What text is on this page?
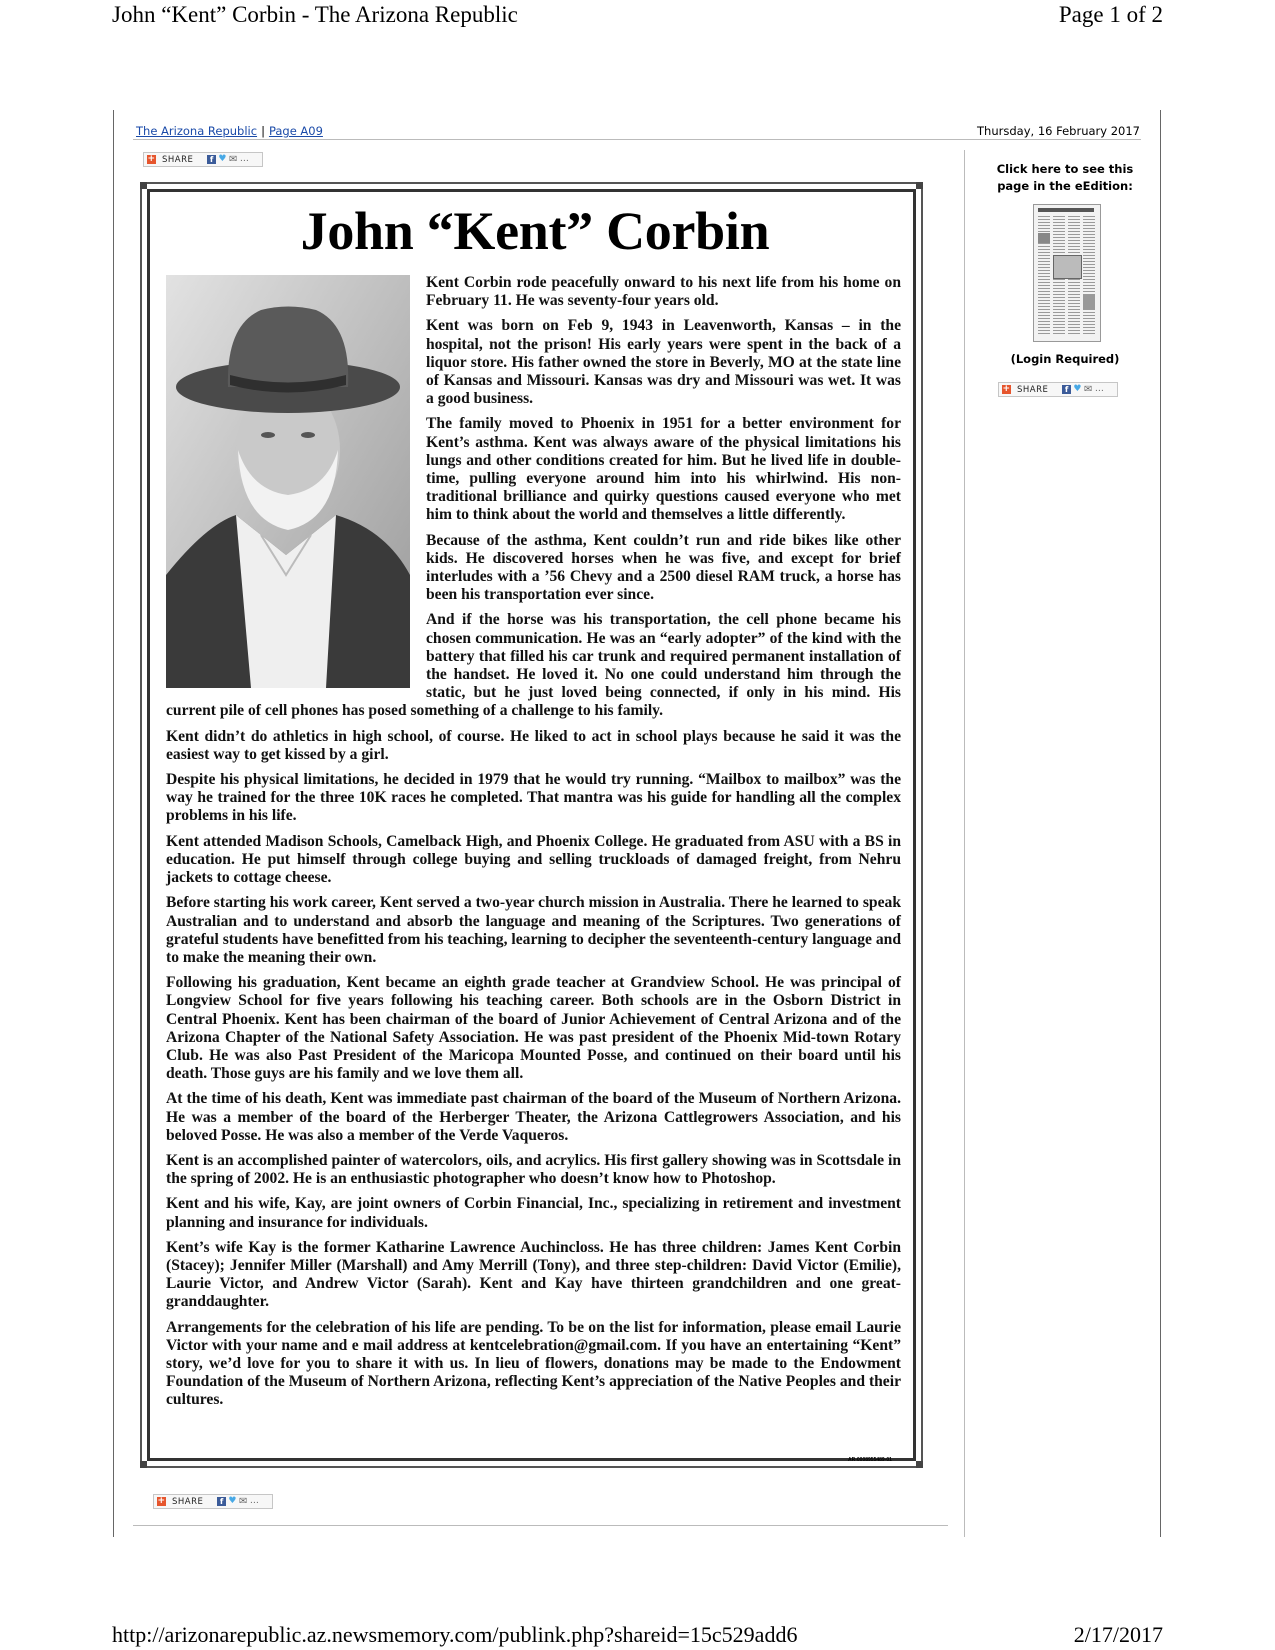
John “Kent” Corbin - The Arizona Republic	Page 1 of 2
The Arizona Republic | Page A09	Thursday, 16 February 2017
+ SHARE	f ♥ ✉ …
+ SHARE	f ♥ ✉ …
+ SHARE	f ♥ ✉ …
Click here to see this page in the eEdition:
(Login Required)
John “Kent” Corbin

Kent Corbin rode peacefully onward to his next life from his home on February 11. He was seventy-four years old.

Kent was born on Feb 9, 1943 in Leavenworth, Kansas – in the hospital, not the prison! His early years were spent in the back of a liquor store. His father owned the store in Beverly, MO at the state line of Kansas and Missouri. Kansas was dry and Missouri was wet. It was a good business.

The family moved to Phoenix in 1951 for a better environment for Kent’s asthma. Kent was always aware of the physical limitations his lungs and other conditions created for him. But he lived life in double-time, pulling everyone around him into his whirlwind. His non-traditional brilliance and quirky questions caused everyone who met him to think about the world and themselves a little differently.

Because of the asthma, Kent couldn’t run and ride bikes like other kids. He discovered horses when he was five, and except for brief interludes with a ’56 Chevy and a 2500 diesel RAM truck, a horse has been his transportation ever since.

And if the horse was his transportation, the cell phone became his chosen communication. He was an “early adopter” of the kind with the battery that filled his car trunk and required permanent installation of the handset. He loved it. No one could understand him through the static, but he just loved being connected, if only in his mind. His current pile of cell phones has posed something of a challenge to his family.

Kent didn’t do athletics in high school, of course. He liked to act in school plays because he said it was the easiest way to get kissed by a girl.

Despite his physical limitations, he decided in 1979 that he would try running. “Mailbox to mailbox” was the way he trained for the three 10K races he completed. That mantra was his guide for handling all the complex problems in his life.

Kent attended Madison Schools, Camelback High, and Phoenix College. He graduated from ASU with a BS in education. He put himself through college buying and selling truckloads of damaged freight, from Nehru jackets to cottage cheese.

Before starting his work career, Kent served a two-year church mission in Australia. There he learned to speak Australian and to understand and absorb the language and meaning of the Scriptures. Two generations of grateful students have benefitted from his teaching, learning to decipher the seventeenth-century language and to make the meaning their own.

Following his graduation, Kent became an eighth grade teacher at Grandview School. He was principal of Longview School for five years following his teaching career. Both schools are in the Osborn District in Central Phoenix. Kent has been chairman of the board of Junior Achievement of Central Arizona and of the Arizona Chapter of the National Safety Association. He was past president of the Phoenix Mid-town Rotary Club. He was also Past President of the Maricopa Mounted Posse, and continued on their board until his death. Those guys are his family and we love them all.

At the time of his death, Kent was immediate past chairman of the board of the Museum of Northern Arizona. He was a member of the board of the Herberger Theater, the Arizona Cattlegrowers Association, and his beloved Posse. He was also a member of the Verde Vaqueros.

Kent is an accomplished painter of watercolors, oils, and acrylics. His first gallery showing was in Scottsdale in the spring of 2002. He is an enthusiastic photographer who doesn’t know how to Photoshop.

Kent and his wife, Kay, are joint owners of Corbin Financial, Inc., specializing in retirement and investment planning and insurance for individuals.

Kent’s wife Kay is the former Katharine Lawrence Auchincloss. He has three children: James Kent Corbin (Stacey); Jennifer Miller (Marshall) and Amy Merrill (Tony), and three step-children: David Victor (Emilie), Laurie Victor, and Andrew Victor (Sarah). Kent and Kay have thirteen grandchildren and one great-granddaughter.

Arrangements for the celebration of his life are pending. To be on the list for information, please email Laurie Victor with your name and e mail address at kentcelebration@gmail.com. If you have an entertaining “Kent” story, we’d love for you to share it with us. In lieu of flowers, donations may be made to the Endowment Foundation of the Museum of Northern Arizona, reflecting Kent’s appreciation of the Native Peoples and their cultures.

AR-0008955489-01
http://arizonarepublic.az.newsmemory.com/publink.php?shareid=15c529add6	2/17/2017
